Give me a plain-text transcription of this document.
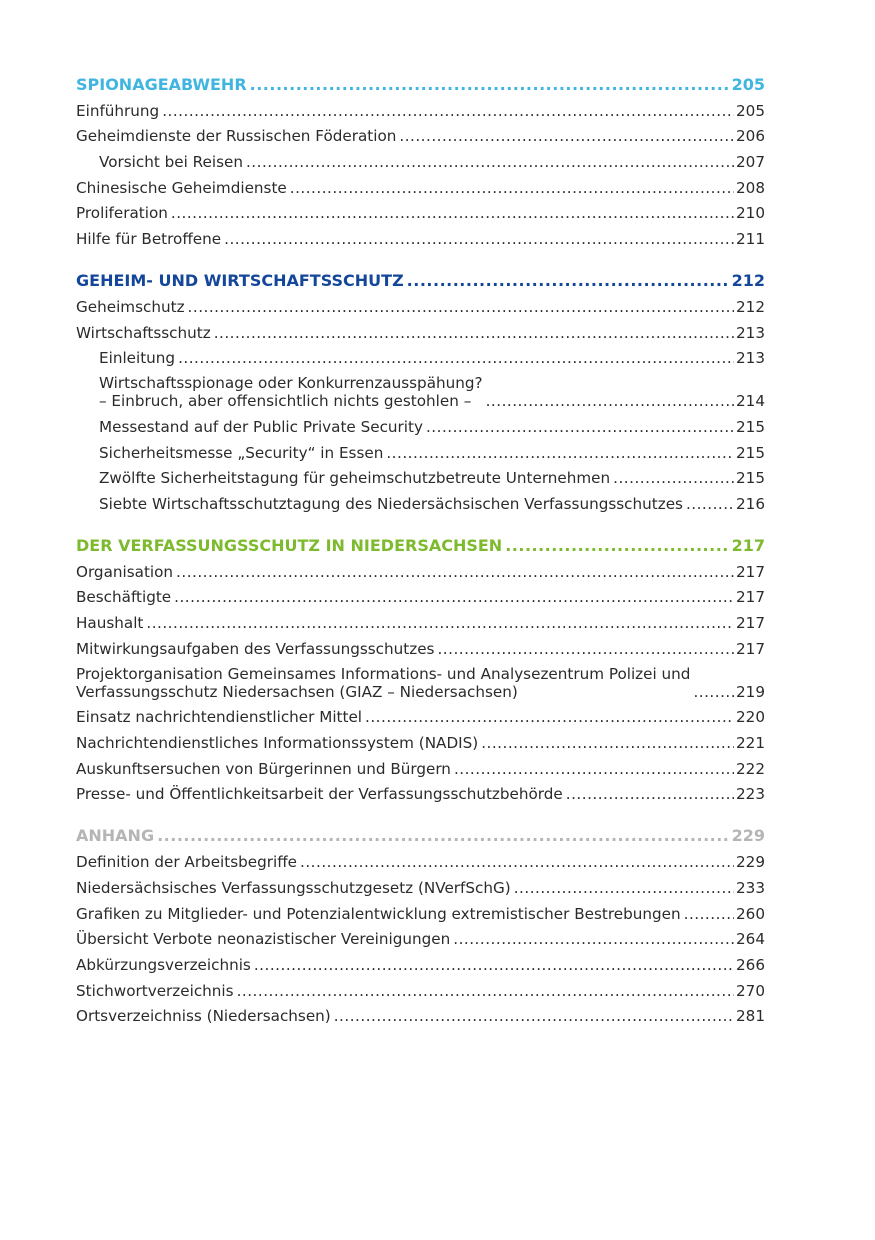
SPIONAGEABWEHR .....	205
Einführung .....	205
Geheimdienste der Russischen Föderation .....	206
Vorsicht bei Reisen .....	207
Chinesische Geheimdienste .....	208
Proliferation .....	210
Hilfe für Betroffene .....	211
GEHEIM- UND WIRTSCHAFTSSCHUTZ .....	212
Geheimschutz .....	212
Wirtschaftsschutz .....	213
Einleitung .....	213
Wirtschaftsspionage oder Konkurrenzausspähung?
– Einbruch, aber offensichtlich nichts gestohlen – .....	214
Messestand auf der Public Private Security .....	215
Sicherheitsmesse „Security“ in Essen .....	215
Zwölfte Sicherheitstagung für geheimschutzbetreute Unternehmen .....	215
Siebte Wirtschaftsschutztagung des Niedersächsischen Verfassungsschutzes .....	216
DER VERFASSUNGSSCHUTZ IN NIEDERSACHSEN .....	217
Organisation .....	217
Beschäftigte .....	217
Haushalt .....	217
Mitwirkungsaufgaben des Verfassungsschutzes .....	217
Projektorganisation Gemeinsames Informations- und Analysezentrum Polizei und
Verfassungsschutz Niedersachsen (GIAZ – Niedersachsen) .....	219
Einsatz nachrichtendienstlicher Mittel .....	220
Nachrichtendienstliches Informationssystem (NADIS) .....	221
Auskunftsersuchen von Bürgerinnen und Bürgern .....	222
Presse- und Öffentlichkeitsarbeit der Verfassungsschutzbehörde .....	223
ANHANG .....	229
Definition der Arbeitsbegriffe .....	229
Niedersächsisches Verfassungsschutzgesetz (NVerfSchG) .....	233
Grafiken zu Mitglieder- und Potenzialentwicklung extremistischer Bestrebungen .....	260
Übersicht Verbote neonazistischer Vereinigungen .....	264
Abkürzungsverzeichnis .....	266
Stichwortverzeichnis .....	270
Ortsverzeichniss (Niedersachsen) .....	281
